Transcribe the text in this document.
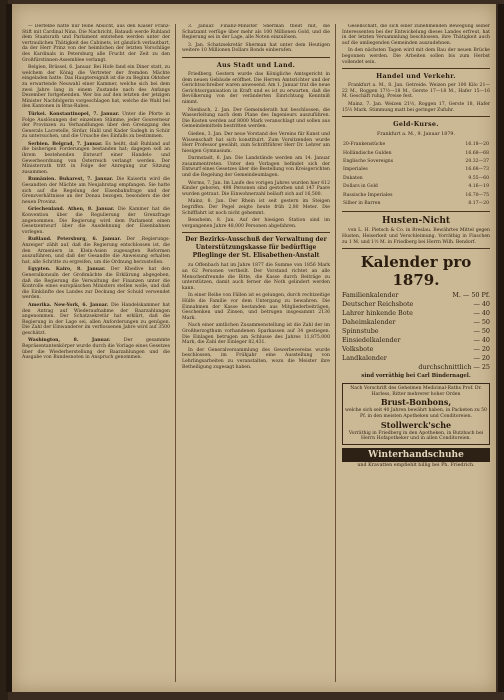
— Derfelbe hatte nur feine Absicht, aus den Kaiser Franz-Stift mit Cardinal Nina. Die Nachricht, Bataudi werde Ruhland dem Staatsrath und Parlament entstehen werden unter der vertraulichen Thätigkeit des Cabinets, ist gänzlich verlautbart, da der Herr Prinz von der heimlichen der letzten Vorschläge des Kardinals in Petersburg alle Frucht der Zeit zu den Großfürstinnen-Assemblee verlangt.

Belgien, Brüssel, 6. Januar. Bei Hofe fand ein Diner statt, zu welchem der König die Vertreter der fremden Mächte eingeladen hatte. Das Hauptereigniß ist die zu Beginn Oktober zu erwartende Neuwahl einer Kammer, welche sich bei dem zwei Jahre lang in einem Zustande nach des Anfangs Dezember fortgehenden. Wer bis auf den letzten der jetzigen Minister Nachfolgerin vorgeschlagen hat, welche die Wahl bei den Kantonen in Bras-Rabes.

Türkei. Konstantinopel, 7. Januar. Unter die Pforte in Folge Auslösungen der einzelnen Stämme, jeder Gouverneur der Provinzen zu Verhandlungen über den Grenzgang des Generals Lacretelle, Sirdar, Halil und Kader Sadegh in Schiir zu untersuchen, und die Ursache des Einfalls zu bestimmen.

Serbien. Belgrad, 7. Januar. Es heißt, daß Ruhland auf die bisherigen Forderungen bestanden hat; dagegen soll an ihrem bestehenden Entwurf einer Handels- und Gewerbeordnung von Österreich verlangt werden. Der Ministerrath tritt in Folge der Anregung zur Sitzung zusammen.

Rumänien. Bukarest, 7. Januar. Die Kaiserin wird die Gesandten der Mächte am Neujahrstag empfangen. Sie hatte sich auf die Regelung der Eisenbahnfrage und der Grenzverhältnisse an der Donau bezogen, besonders die der neuen Provinz.

Griechenland. Athen, 8. Januar. Die Kammer hat die Konvention über die Regulierung der Grenzfrage angenommen. Die Regierung wird dem Parlament einen Gesetzentwurf über die Ausdehnung der Eisenbahnen vorlegen.

Rußland. Petersburg, 6. Januar. Der ‚Regierungs-Anzeiger' zählt auf, daß die Regierung entschlossen ist, die den Armeniern in Klein-Asien zugesagten Reformen auszuführen, und daß der Gesandte die Anweisung erhalten hat, alle Schritte zu ergreifen, um die Ordnung herzustellen.

Egypten. Kairo, 8. Januar. Der Khedive hat den Generalkonsuln der Großmächte die Erklärung abgegeben, daß die Regierung die Verwaltung der Finanzen unter die Kontrolle eines europäischen Ministers stellen wolle, und daß die Einkünfte des Landes zur Deckung der Schuld verwendet werden.

Amerika. New-York, 6. Januar. Die Handelskammer hat den Antrag auf Wiederaufnahme der Baarzahlungen angenommen. Der Schatzsekretär hat erklärt, daß die Regierung in der Lage sei, allen Anforderungen zu genügen. Die Zahl der Einwanderer im verflossenen Jahre wird auf 3500 geschätzt.

Washington, 8. Januar.	Der gesammte Repräsentantenkörper wurde durch die Vorlage eines Gesetzes über die Wiederherstellung der Baarzahlungen und die Ausgabe von Bundesnoten in Anspruch genommen.

3. Januar. Finanz-Minister Sherman theilt mit, die Schatzamt verfüge über mehr als 100 Millionen Gold, und die Regierung sei in der Lage, alle Noten einzulösen.

3. Jan. Schatzsekretär Sherman hat unter dem Heutigen weitere 10 Millionen Dollars Bonds einberufen.

Aus Stadt und Land.

Friedberg. Gestern wurde das Königliche Amtsgericht in dem neuen Gebäude eröffnet. Die Herren Amtsrichter und der Gerichtsschreiber waren anwesend. Am 1. Januar trat die neue Gerichtsorganisation in Kraft und es ist zu erwarten, daß die Bevölkerung von der veränderten Einrichtung Kenntniß nimmt.

Nienbach, 2. Jan. Der Gemeinderath hat beschlossen, die Wasserleitung nach dem Plane des Ingenieurs auszuführen. Die Kosten werden auf 8000 Mark veranschlagt und sollen aus Gemeindemitteln bestritten werden.

Gießen, 3. Jan. Der neue Vorstand des Vereins für Kunst und Wissenschaft hat sich konstituirt. Zum Vorsitzenden wurde Herr Professor gewählt, zum Schriftführer Herr Dr. Lehrer am hiesigen Gymnasium.

Darmstadt, 6. Jan. Die Landstände werden am 14. Januar zusammentreten. Unter den Vorlagen befindet sich der Entwurf eines Gesetzes über die Bestellung von Kreisgerichten und die Regelung der Gemeindeumlagen.

Worms, 7. Jan. Im Laufe des vorigen Jahres wurden hier 612 Kinder geboren, 498 Personen sind gestorben und 147 Paare wurden getraut. Die Einwohnerzahl beläuft sich auf 16,500.

Mainz, 8. Jan. Der Rhein ist seit gestern im Steigen begriffen. Der Pegel zeigte heute früh 2,80 Meter. Die Schifffahrt ist noch nicht gehemmt.

Bensheim, 8. Jan. Auf der hiesigen Station sind im vergangenen Jahre 48,000 Personen abgefahren.

Der Bezirks-Ausschuß der Verwaltung der Unterstützungskasse für bedürftige Pfleglinge der St. Elisabethen-Anstalt

zu Offenbach hat im Jahre 1877 die Summe von 1856 Mark an 62 Personen vertheilt. Der Vorstand richtet an alle Menschenfreunde die Bitte, die Kasse durch Beiträge zu unterstützen, damit auch ferner die Noth gelindert werden kann.

In einer Reihe von Fällen ist es gelungen, durch rechtzeitige Hülfe die Familie vor dem Untergang zu bewahren. Die Einnahmen der Kasse bestanden aus Mitgliederbeiträgen, Geschenken und Zinsen, und betrugen insgesammt 2136 Mark.

Nach einer amtlichen Zusammenstellung ist die Zahl der im Großherzogthum vorhandenen Sparkassen auf 34 gestiegen. Die Einlagen betrugen am Schlusse des Jahres 11,875,000 Mark, die Zahl der Einleger 82,431.

In der Generalversammlung des Gewerbevereins wurde beschlossen, im Frühjahr eine Ausstellung von Lehrlingsarbeiten zu veranstalten, wozu die Meister ihre Betheiligung zugesagt haben.

Gesellschaft, die sich einer zunehmenden Bewegung seiner Interessenten bei der Entwickelung dieses Landes erfreut, hat in der letzten Versammlung beschlossen, ihre Thätigkeit auch auf die umliegenden Gemeinden auszudehnen.

In den nächsten Tagen wird mit dem Bau der neuen Brücke begonnen werden. Die Arbeiten sollen bis zum Herbst vollendet sein.

Handel und Verkehr.

Frankfurt a. M., 8. Jan. Getreide. Weizen per 100 Kilo 21—22 M., Roggen 17½—18 M., Gerste 17—18 M., Hafer 15—16 M. Geschäft ruhig, Preise fest.

Mainz, 7. Jan. Weizen 21½, Roggen 17, Gerste 18, Hafer 15½ Mark. Stimmung matt bei geringer Zufuhr.

Geld-Kurse.
Frankfurt a. M., 9. Januar 1879.
20-Frankenstücke	16.18—20
Holländische Gulden	16.68—68
Englische Sovereigns	20.32—37
Imperiales	16.68—73
Dukaten	9.55—60
Dollars in Gold	4.16—19
Russische Imperiales	16.70—75
Silber in Barren	8.17—20
Husten-Nicht

von L. H. Pietsch & Co. in Breslau. Bewährtes Mittel gegen Husten, Heiserkeit und Verschleimung. Vorräthig in Flaschen zu 1 M. und 1½ M. in Friedberg bei Herrn Wilh. Bendorf.

Kalender pro 1879.
Familienkalender	M. — 50 Pf.
Deutscher Reichsbote	— 40
Lahrer hinkende Bote	— 40
Daheimkalender	— 50
Spinnstube	— 50
Einsiedelkalender	— 40
Volksbote	— 20
Landkalender	— 20
durchschnittlich — 25
sind vorräthig bei Carl Bindernagel.
Nach Vorschrift des Geheimen Medicinal-Raths Prof. Dr. Harless, Ritter mehrerer hoher Orden
Brust-Bonbons,
welche sich seit 40 Jahren bewährt haben, in Packeten zu 50 Pf. in den meisten Apotheken und Conditoreien.
Stollwerck'sche
Vorräthig in Friedberg in den Apotheken, in Butzbach bei Herrn Hofapotheker und in allen Conditoreien.
Winterhandschuhe
und Kravatten empfiehlt billig bei Ph. Friedrich.
